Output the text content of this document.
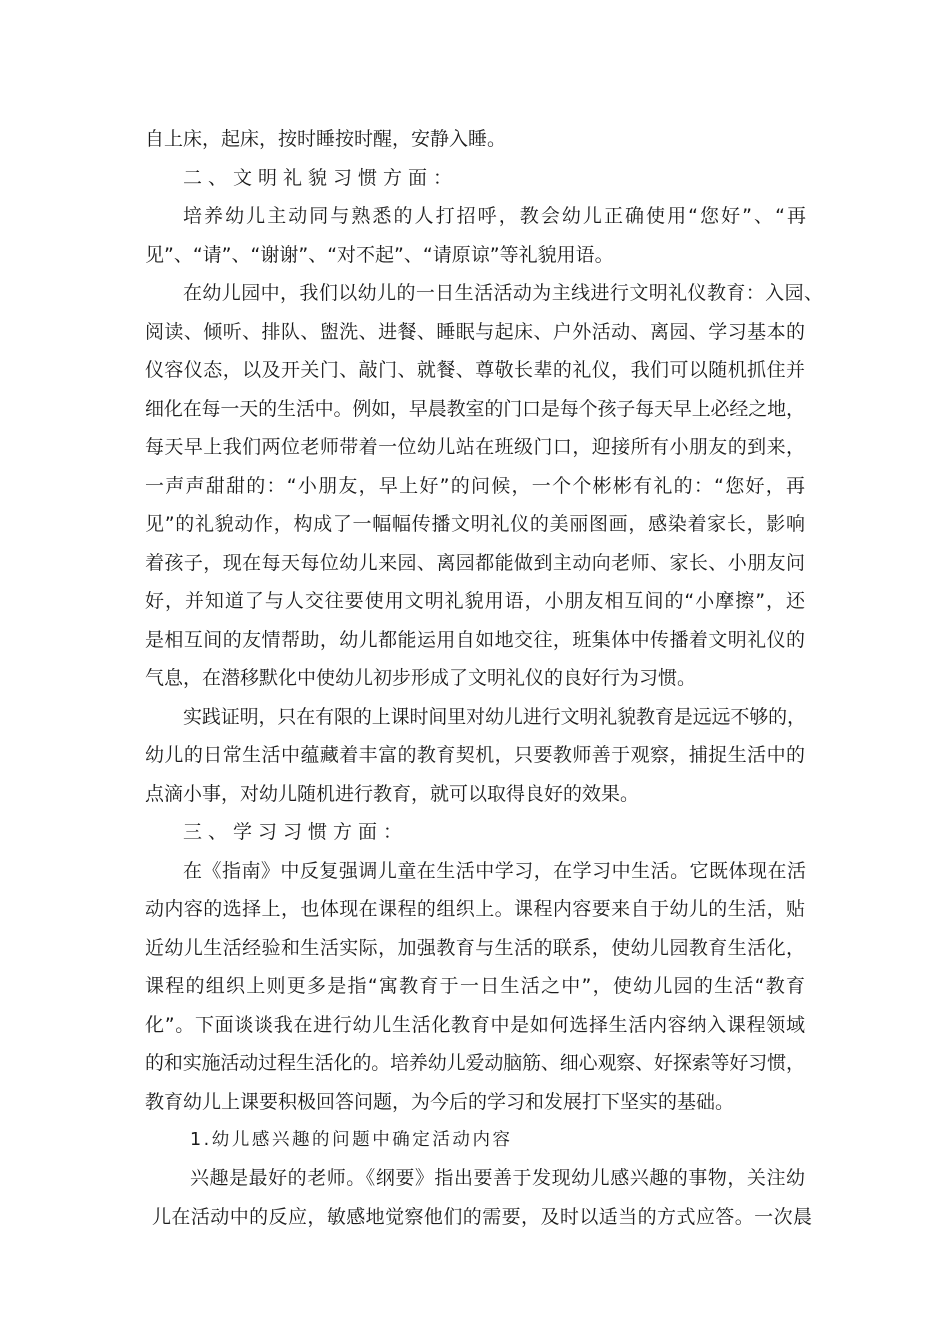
自上床，起床，按时睡按时醒，安静入睡。
二、文明礼貌习惯方面：
培养幼儿主动同与熟悉的人打招呼，教会幼儿正确使用“您好”、“再
见”、“请”、“谢谢”、“对不起”、“请原谅”等礼貌用语。
在幼儿园中，我们以幼儿的一日生活活动为主线进行文明礼仪教育：入园、
阅读、倾听、排队、盥洗、进餐、睡眠与起床、户外活动、离园、学习基本的
仪容仪态，以及开关门、敲门、就餐、尊敬长辈的礼仪，我们可以随机抓住并
细化在每一天的生活中。例如，早晨教室的门口是每个孩子每天早上必经之地，
每天早上我们两位老师带着一位幼儿站在班级门口，迎接所有小朋友的到来，
一声声甜甜的：“小朋友，早上好”的问候，一个个彬彬有礼的：“您好，再
见”的礼貌动作，构成了一幅幅传播文明礼仪的美丽图画，感染着家长，影响
着孩子，现在每天每位幼儿来园、离园都能做到主动向老师、家长、小朋友问
好，并知道了与人交往要使用文明礼貌用语，小朋友相互间的“小摩擦”，还
是相互间的友情帮助，幼儿都能运用自如地交往，班集体中传播着文明礼仪的
气息，在潜移默化中使幼儿初步形成了文明礼仪的良好行为习惯。
实践证明，只在有限的上课时间里对幼儿进行文明礼貌教育是远远不够的，
幼儿的日常生活中蕴藏着丰富的教育契机，只要教师善于观察，捕捉生活中的
点滴小事，对幼儿随机进行教育，就可以取得良好的效果。
三、学习习惯方面：
在《指南》中反复强调儿童在生活中学习，在学习中生活。它既体现在活
动内容的选择上，也体现在课程的组织上。课程内容要来自于幼儿的生活，贴
近幼儿生活经验和生活实际，加强教育与生活的联系，使幼儿园教育生活化，
课程的组织上则更多是指“寓教育于一日生活之中”，使幼儿园的生活“教育
化”。下面谈谈我在进行幼儿生活化教育中是如何选择生活内容纳入课程领域
的和实施活动过程生活化的。培养幼儿爱动脑筋、细心观察、好探索等好习惯，
教育幼儿上课要积极回答问题，为今后的学习和发展打下坚实的基础。
1.幼儿感兴趣的问题中确定活动内容
兴趣是最好的老师。《纲要》指出要善于发现幼儿感兴趣的事物，关注幼
儿在活动中的反应，敏感地觉察他们的需要，及时以适当的方式应答。一次晨
